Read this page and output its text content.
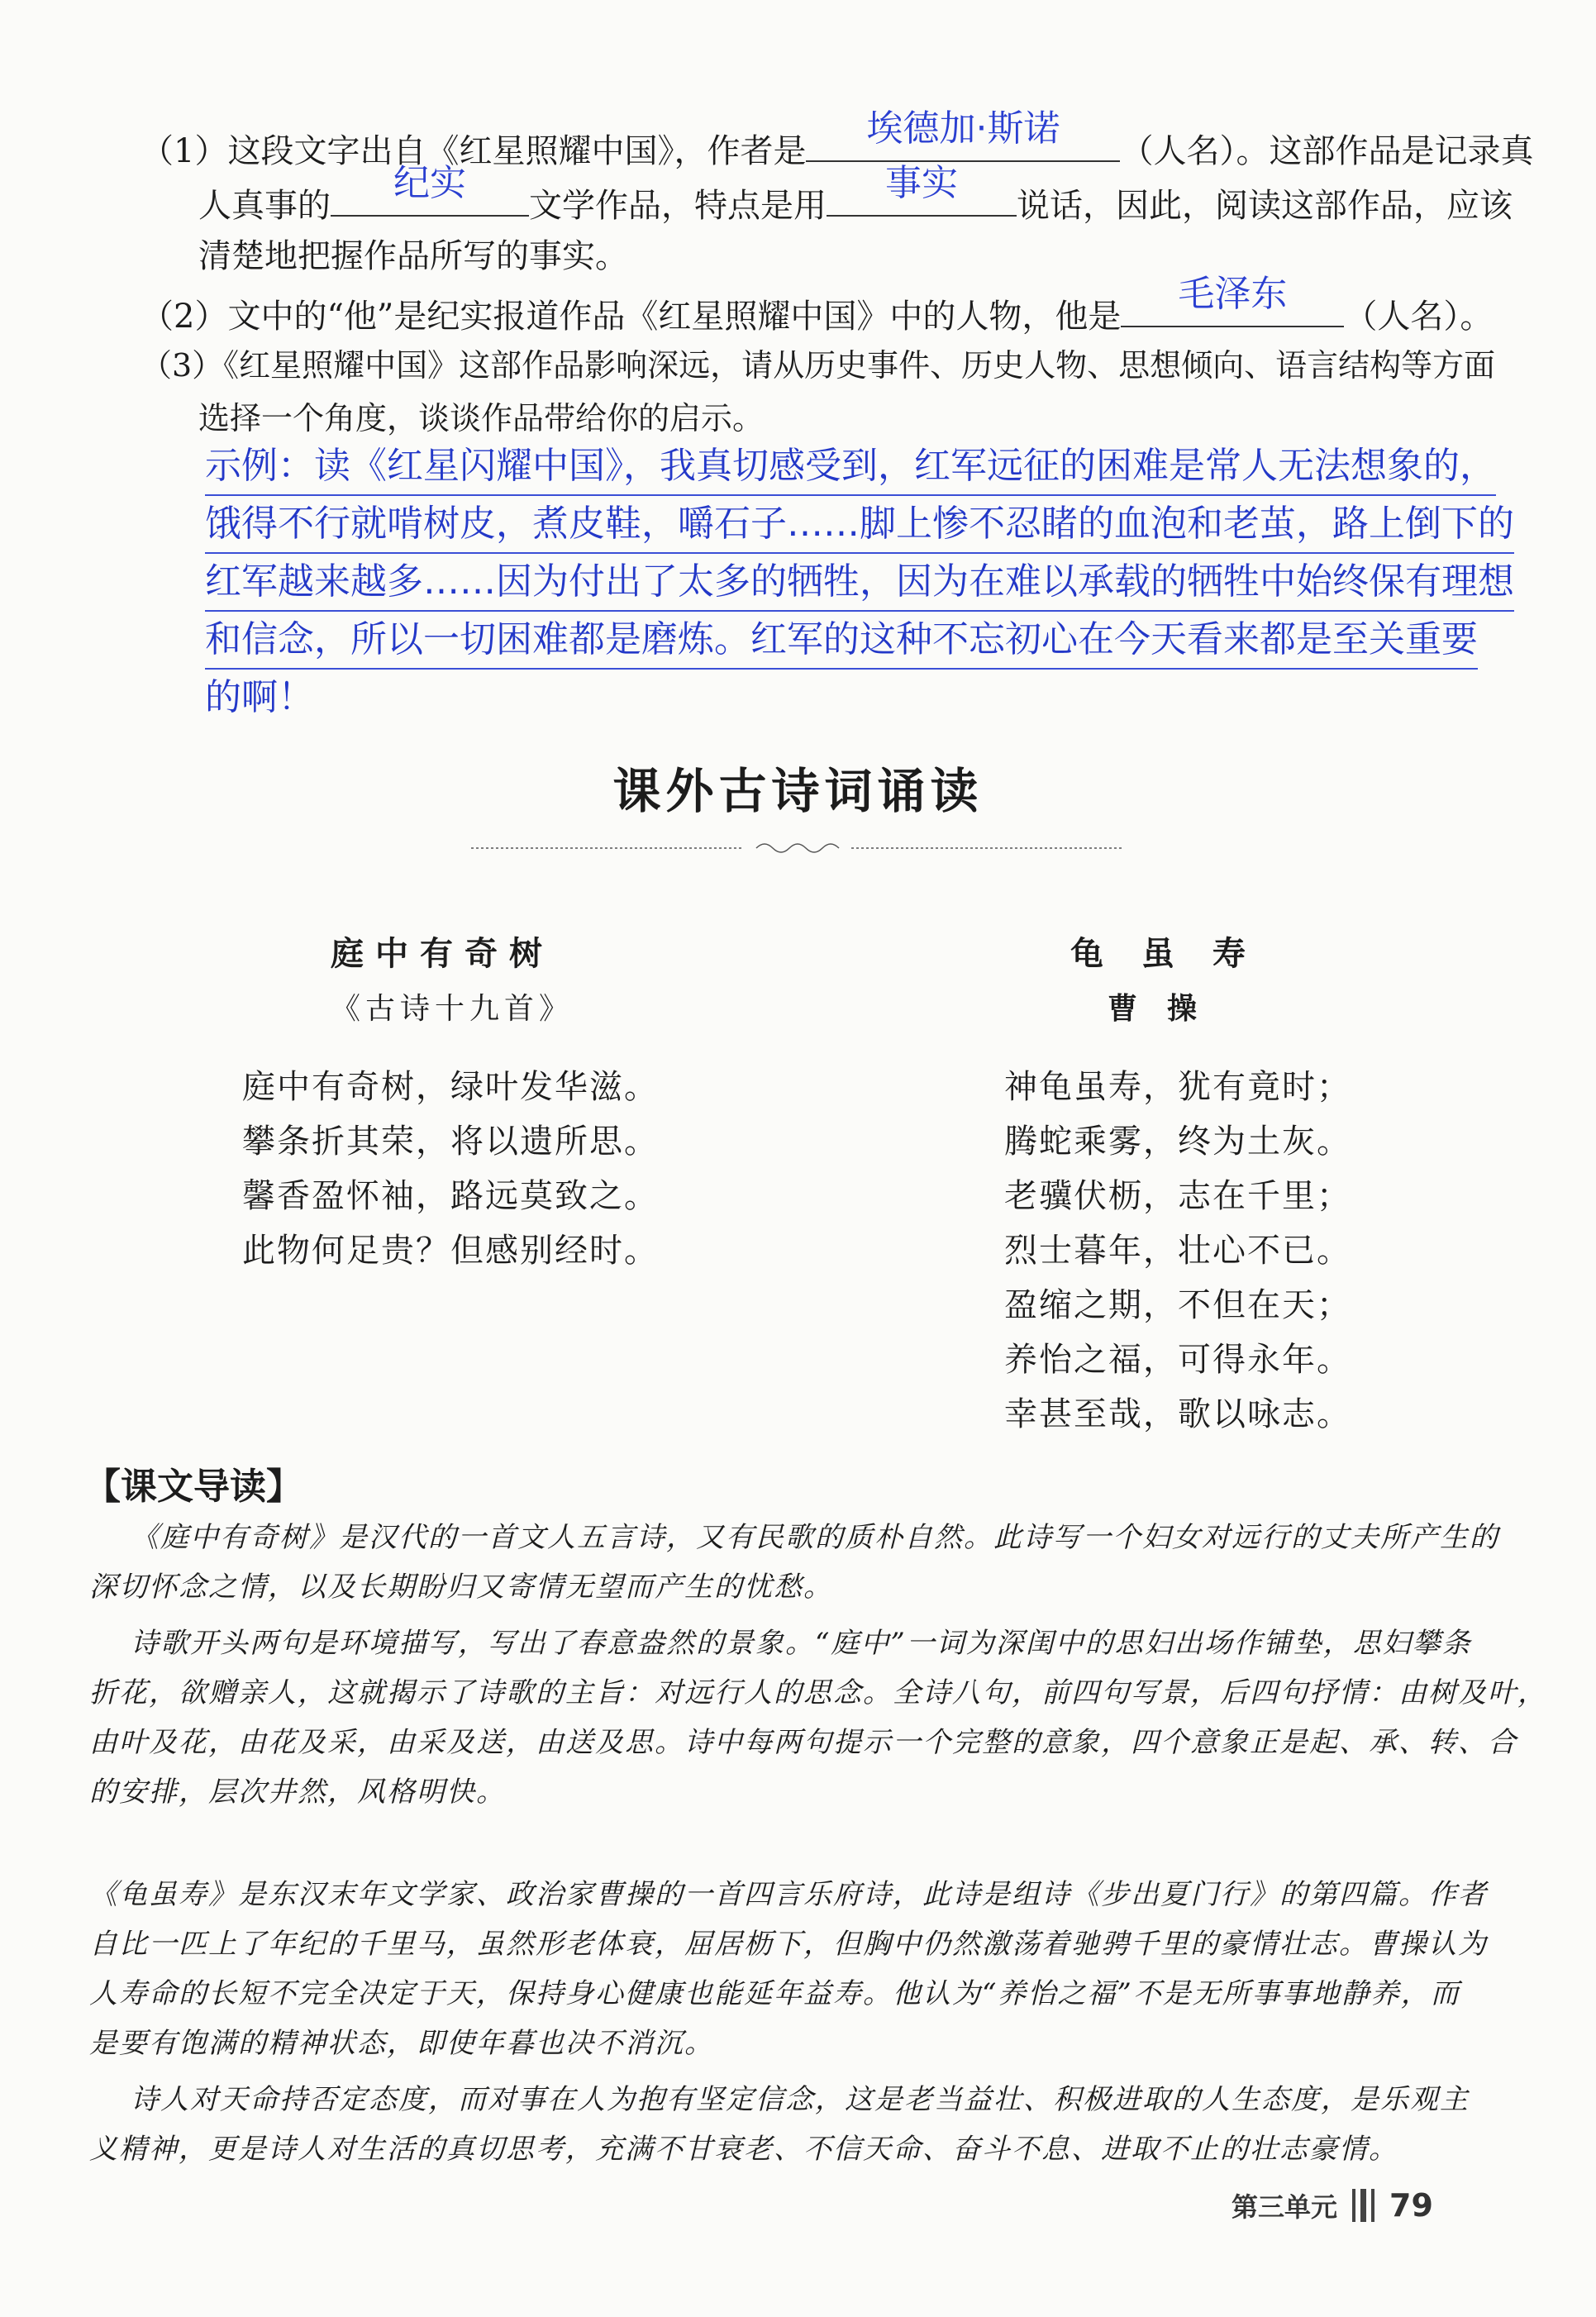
（1）这段文字出自《红星照耀中国》，作者是
埃德加·斯诺
（人名）。这部作品是记录真
人真事的
纪实
文学作品，特点是用
事实
说话，因此，阅读这部作品，应该
清楚地把握作品所写的事实。
（2）文中的“他”是纪实报道作品《红星照耀中国》中的人物，他是
毛泽东
（人名）。
（3）《红星照耀中国》这部作品影响深远，请从历史事件、历史人物、思想倾向、语言结构等方面
选择一个角度，谈谈作品带给你的启示。
示例：读《红星闪耀中国》，我真切感受到，红军远征的困难是常人无法想象的，
饿得不行就啃树皮，煮皮鞋，嚼石子……脚上惨不忍睹的血泡和老茧，路上倒下的
红军越来越多……因为付出了太多的牺牲，因为在难以承载的牺牲中始终保有理想
和信念，所以一切困难都是磨炼。红军的这种不忘初心在今天看来都是至关重要
的啊！
课外古诗词诵读
庭中有奇树
《古诗十九首》
庭中有奇树，绿叶发华滋。
攀条折其荣，将以遗所思。
馨香盈怀袖，路远莫致之。
此物何足贵？但感别经时。
龟虽寿
曹操
神龟虽寿，犹有竟时；
腾蛇乘雾，终为土灰。
老骥伏枥，志在千里；
烈士暮年，壮心不已。
盈缩之期，不但在天；
养怡之福，可得永年。
幸甚至哉，歌以咏志。
【课文导读】
《庭中有奇树》是汉代的一首文人五言诗，又有民歌的质朴自然。此诗写一个妇女对远行的丈夫所产生的
深切怀念之情，以及长期盼归又寄情无望而产生的忧愁。
诗歌开头两句是环境描写，写出了春意盎然的景象。“庭中”一词为深闺中的思妇出场作铺垫，思妇攀条
折花，欲赠亲人，这就揭示了诗歌的主旨：对远行人的思念。全诗八句，前四句写景，后四句抒情：由树及叶，
由叶及花，由花及采，由采及送，由送及思。诗中每两句提示一个完整的意象，四个意象正是起、承、转、合
的安排，层次井然，风格明快。
《龟虽寿》是东汉末年文学家、政治家曹操的一首四言乐府诗，此诗是组诗《步出夏门行》的第四篇。作者
自比一匹上了年纪的千里马，虽然形老体衰，屈居枥下，但胸中仍然激荡着驰骋千里的豪情壮志。曹操认为
人寿命的长短不完全决定于天，保持身心健康也能延年益寿。他认为“养怡之福”不是无所事事地静养，而
是要有饱满的精神状态，即使年暮也决不消沉。
诗人对天命持否定态度，而对事在人为抱有坚定信念，这是老当益壮、积极进取的人生态度，是乐观主
义精神，更是诗人对生活的真切思考，充满不甘衰老、不信天命、奋斗不息、进取不止的壮志豪情。
第三单元 79
